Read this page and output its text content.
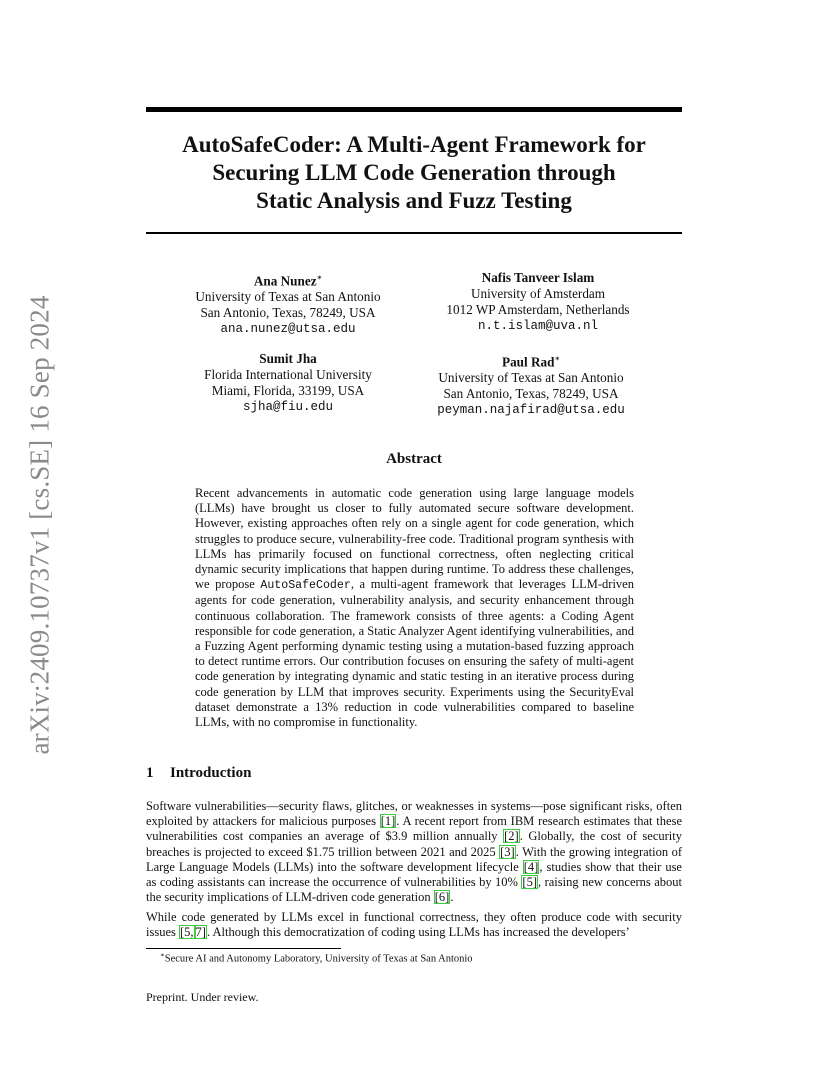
arXiv:2409.10737v1 [cs.SE] 16 Sep 2024
AutoSafeCoder: A Multi-Agent Framework for
Securing LLM Code Generation through
Static Analysis and Fuzz Testing
Ana Nunez∗
University of Texas at San Antonio
San Antonio, Texas, 78249, USA
ana.nunez@utsa.edu
Nafis Tanveer Islam
University of Amsterdam
1012 WP Amsterdam, Netherlands
n.t.islam@uva.nl
Sumit Jha
Florida International University
Miami, Florida, 33199, USA
sjha@fiu.edu
Paul Rad∗
University of Texas at San Antonio
San Antonio, Texas, 78249, USA
peyman.najafirad@utsa.edu
Abstract
Recent advancements in automatic code generation using large language models (LLMs) have brought us closer to fully automated secure software development. However, existing approaches often rely on a single agent for code generation, which struggles to produce secure, vulnerability-free code. Traditional program synthesis with LLMs has primarily focused on functional correctness, often neglecting critical dynamic security implications that happen during runtime. To address these challenges, we propose AutoSafeCoder, a multi-agent framework that leverages LLM-driven agents for code generation, vulnerability analysis, and security enhancement through continuous collaboration. The framework consists of three agents: a Coding Agent responsible for code generation, a Static Analyzer Agent identifying vulnerabilities, and a Fuzzing Agent performing dynamic testing using a mutation-based fuzzing approach to detect runtime errors. Our contribution focuses on ensuring the safety of multi-agent code generation by integrating dynamic and static testing in an iterative process during code generation by LLM that improves security. Experiments using the SecurityEval dataset demonstrate a 13% reduction in code vulnerabilities compared to baseline LLMs, with no compromise in functionality.
1 Introduction
Software vulnerabilities—security flaws, glitches, or weaknesses in systems—pose significant risks, often exploited by attackers for malicious purposes [1]. A recent report from IBM research estimates that these vulnerabilities cost companies an average of $3.9 million annually [2]. Globally, the cost of security breaches is projected to exceed $1.75 trillion between 2021 and 2025 [3]. With the growing integration of Large Language Models (LLMs) into the software development lifecycle [4], studies show that their use as coding assistants can increase the occurrence of vulnerabilities by 10% [5], raising new concerns about the security implications of LLM-driven code generation [6].
While code generated by LLMs excel in functional correctness, they often produce code with security issues [5, 7]. Although this democratization of coding using LLMs has increased the developers’
∗Secure AI and Autonomy Laboratory, University of Texas at San Antonio
Preprint. Under review.
